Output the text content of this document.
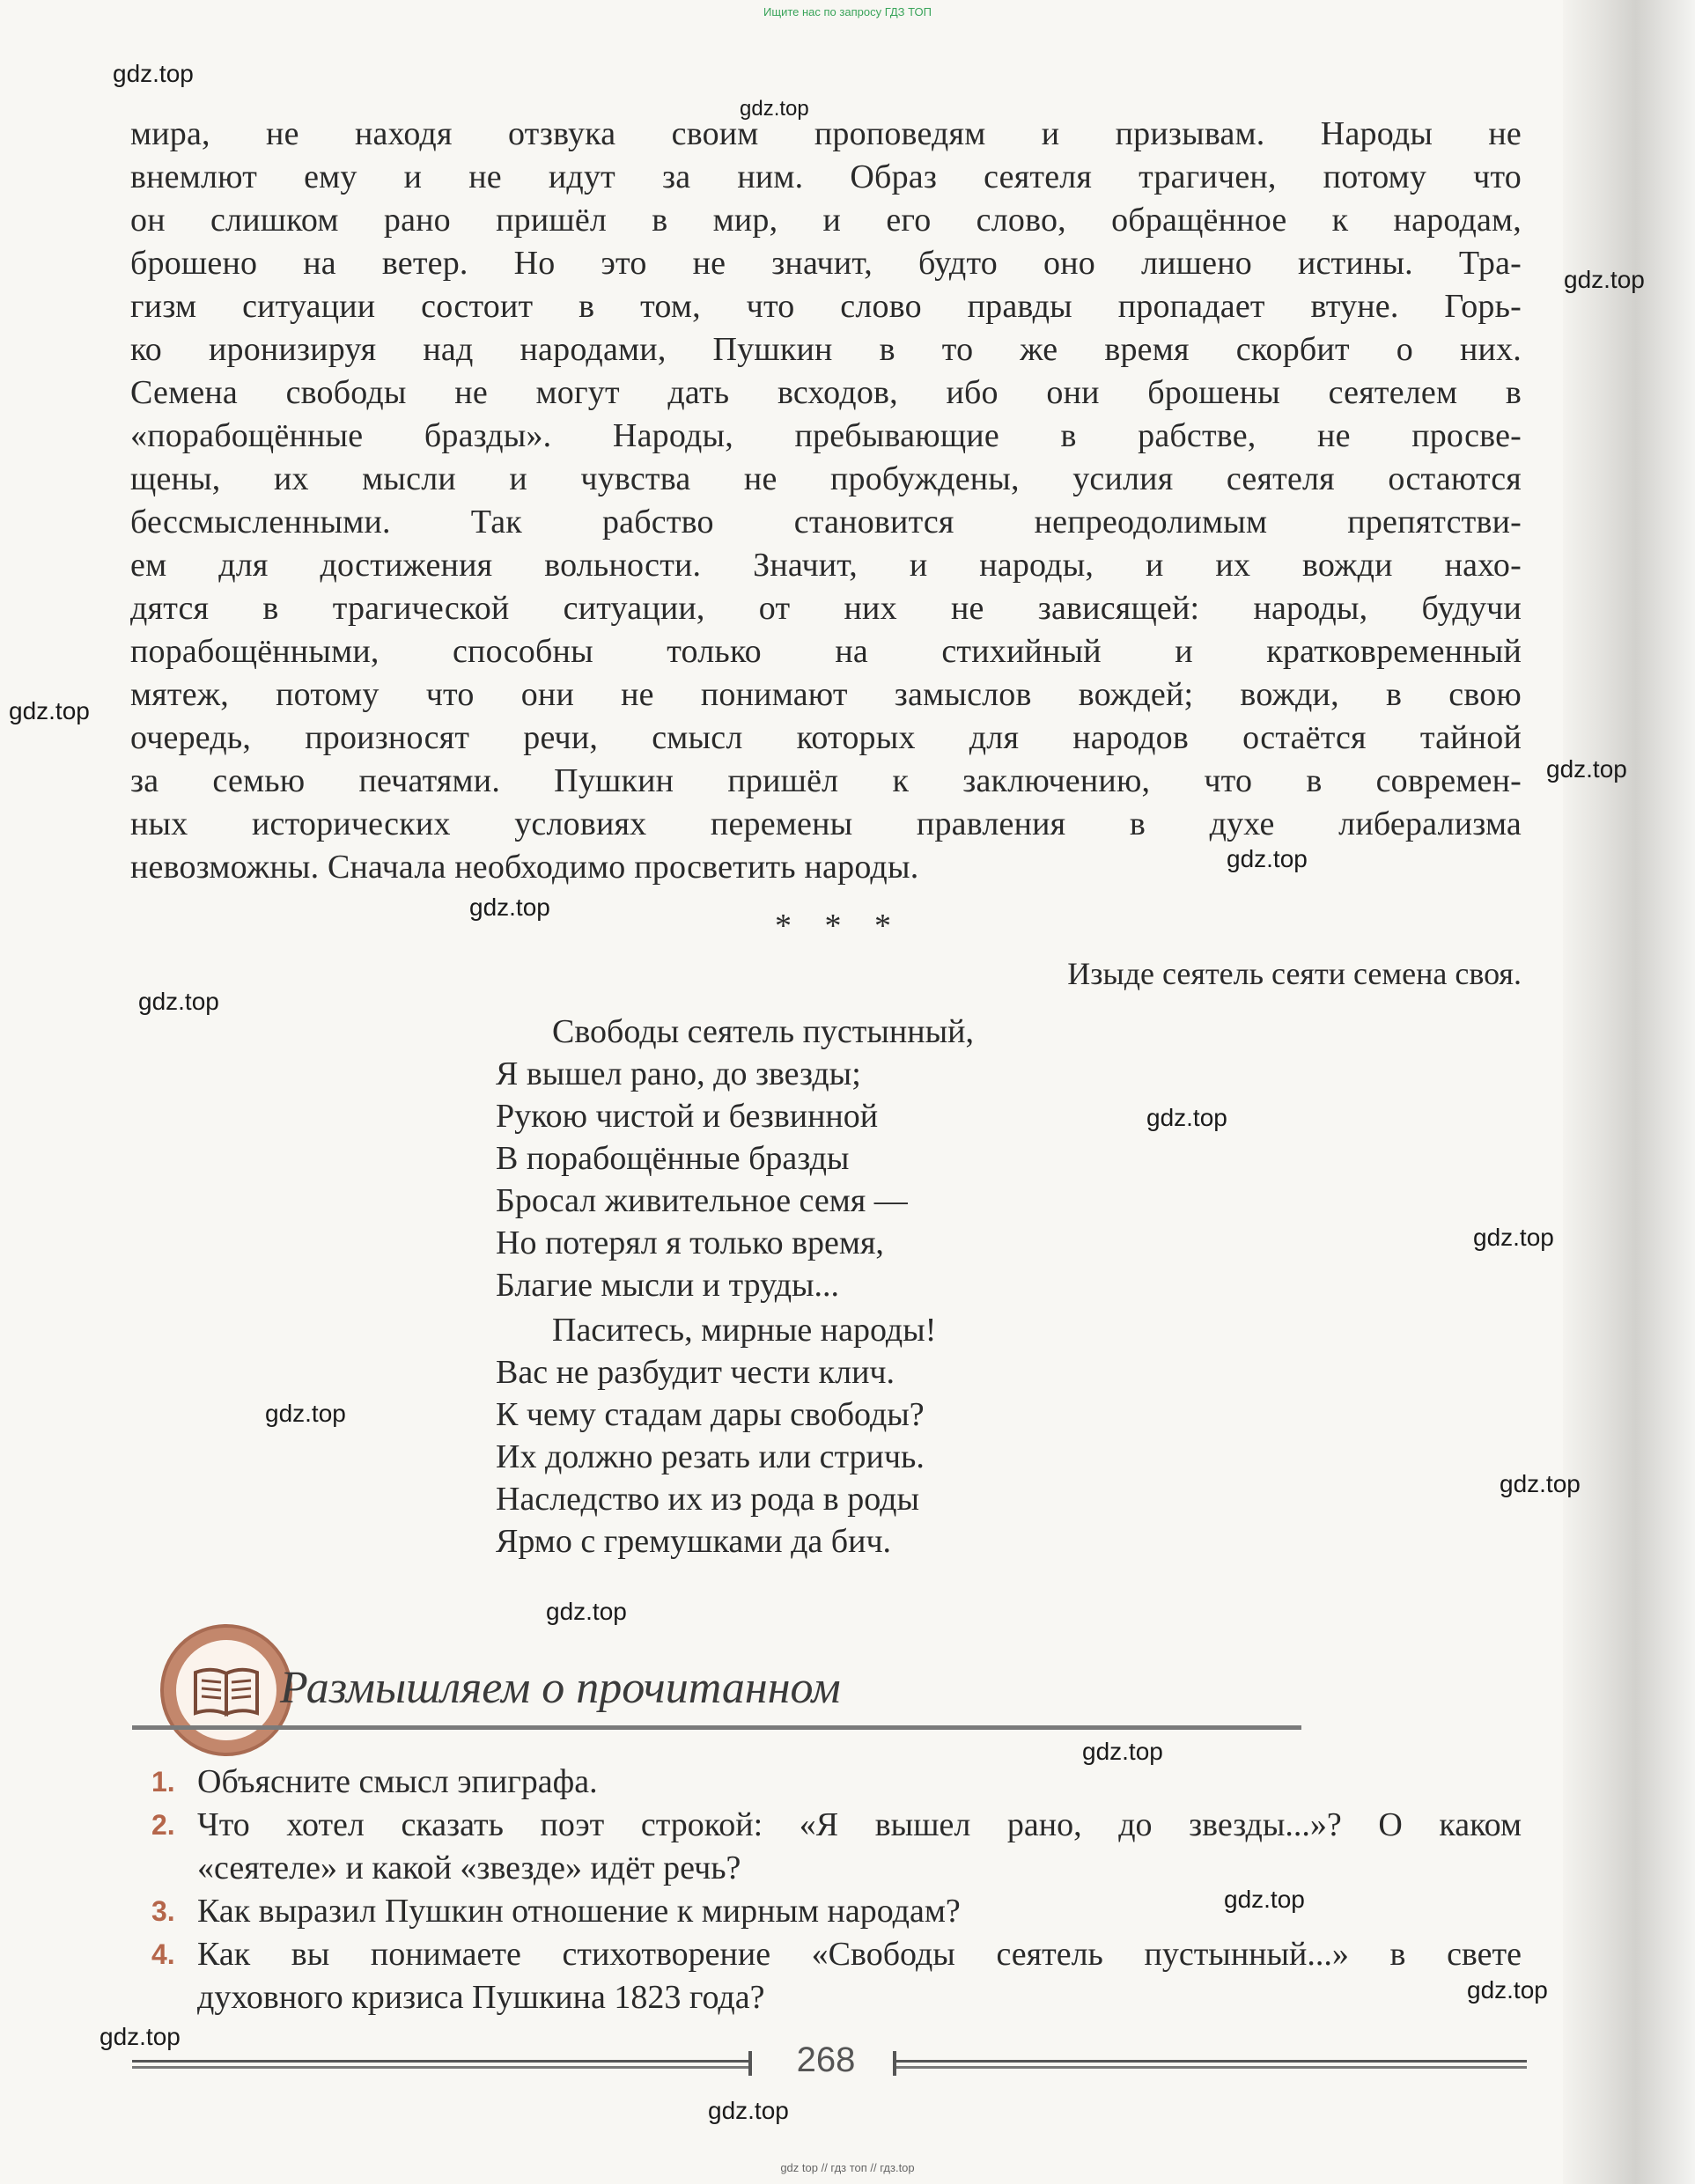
Ищите нас по запросу ГДЗ ТОП
gdz.top
gdz.top
gdz.top
gdz.top
gdz.top
gdz.top
gdz.top
gdz.top
gdz.top
gdz.top
gdz.top
gdz.top
gdz.top
gdz.top
gdz.top
gdz.top
gdz.top
gdz.top
мира, не находя отзвука своим проповедям и призывам. Народы не
внемлют ему и не идут за ним. Образ сеятеля трагичен, потому что
он слишком рано пришёл в мир, и его слово, обращённое к народам,
брошено на ветер. Но это не значит, будто оно лишено истины. Тра-
гизм ситуации состоит в том, что слово правды пропадает втуне. Горь-
ко иронизируя над народами, Пушкин в то же время скорбит о них.
Семена свободы не могут дать всходов, ибо они брошены сеятелем в
«порабощённые бразды». Народы, пребывающие в рабстве, не просве-
щены, их мысли и чувства не пробуждены, усилия сеятеля остаются
бессмысленными. Так рабство становится непреодолимым препятстви-
ем для достижения вольности. Значит, и народы, и их вожди нахо-
дятся в трагической ситуации, от них не зависящей: народы, будучи
порабощёнными, способны только на стихийный и кратковременный
мятеж, потому что они не понимают замыслов вождей; вожди, в свою
очередь, произносят речи, смысл которых для народов остаётся тайной
за семью печатями. Пушкин пришёл к заключению, что в современ-
ных исторических условиях перемены правления в духе либерализма
невозможны. Сначала необходимо просветить народы.
* * *
Изыде сеятель сеяти семена своя.
Свободы сеятель пустынный,
Я вышел рано, до звезды;
Рукою чистой и безвинной
В порабощённые бразды
Бросал живительное семя —
Но потерял я только время,
Благие мысли и труды...
Паситесь, мирные народы!
Вас не разбудит чести клич.
К чему стадам дары свободы?
Их должно резать или стричь.
Наследство их из рода в роды
Ярмо с гремушками да бич.
Размышляем о прочитанном
1. Объясните смысл эпиграфа.
2. Что хотел сказать поэт строкой: «Я вышел рано, до звезды...»? О каком
«сеятеле» и какой «звезде» идёт речь?
3. Как выразил Пушкин отношение к мирным народам?
4. Как вы понимаете стихотворение «Свободы сеятель пустынный...» в свете
духовного кризиса Пушкина 1823 года?
268
gdz top // гдз топ // гдз.top
